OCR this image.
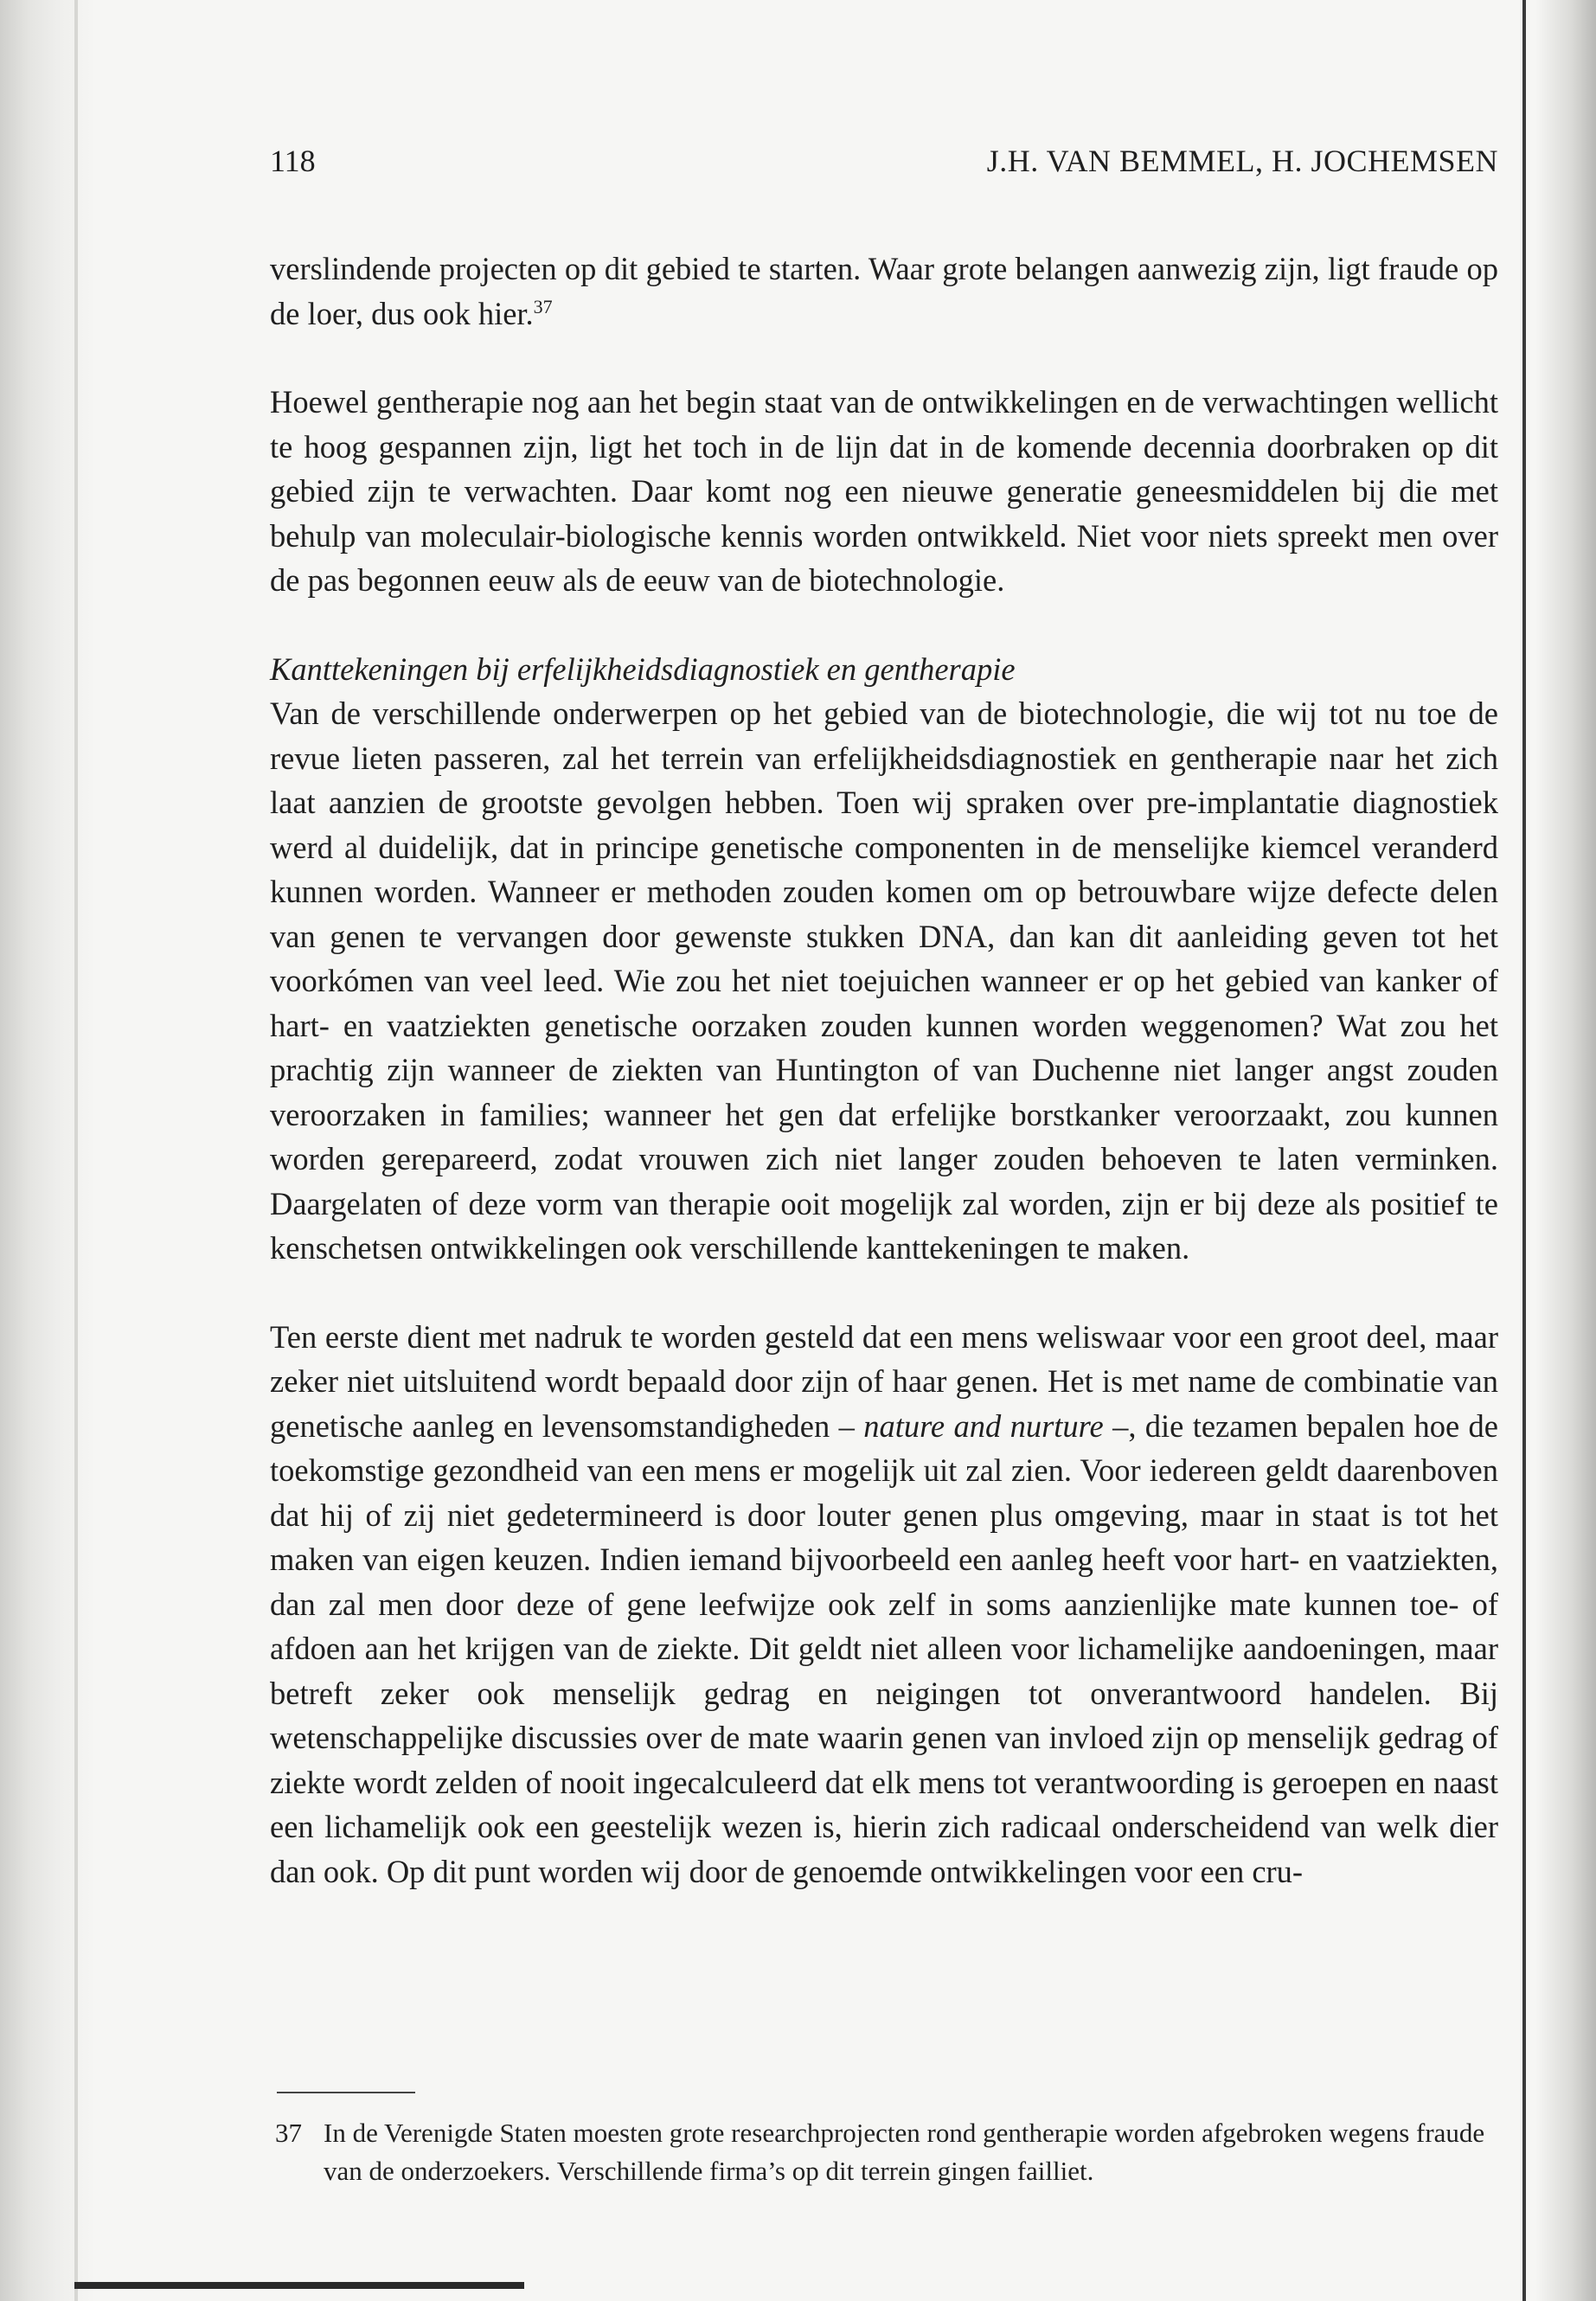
118	J.H. VAN BEMMEL, H. JOCHEMSEN

verslindende projecten op dit gebied te starten. Waar grote belangen aanwezig zijn, ligt fraude op de loer, dus ook hier.$^{37}$

Hoewel gentherapie nog aan het begin staat van de ontwikkelingen en de verwachtingen wellicht te hoog gespannen zijn, ligt het toch in de lijn dat in de komende decennia doorbraken op dit gebied zijn te verwachten. Daar komt nog een nieuwe generatie geneesmiddelen bij die met behulp van moleculair-biologische kennis worden ontwikkeld. Niet voor niets spreekt men over de pas begonnen eeuw als de eeuw van de biotechnologie.

Kanttekeningen bij erfelijkheidsdiagnostiek en gentherapie

Van de verschillende onderwerpen op het gebied van de biotechnologie, die wij tot nu toe de revue lieten passeren, zal het terrein van erfelijkheidsdiagnostiek en gentherapie naar het zich laat aanzien de grootste gevolgen hebben. Toen wij spraken over pre-implantatie diagnostiek werd al duidelijk, dat in principe genetische componenten in de menselijke kiemcel veranderd kunnen worden. Wanneer er methoden zouden komen om op betrouwbare wijze defecte delen van genen te vervangen door gewenste stukken DNA, dan kan dit aanleiding geven tot het voorkómen van veel leed. Wie zou het niet toejuichen wanneer er op het gebied van kanker of hart- en vaatziekten genetische oorzaken zouden kunnen worden weggenomen? Wat zou het prachtig zijn wanneer de ziekten van Huntington of van Duchenne niet langer angst zouden veroorzaken in families; wanneer het gen dat erfelijke borstkanker veroorzaakt, zou kunnen worden gerepareerd, zodat vrouwen zich niet langer zouden behoeven te laten verminken. Daargelaten of deze vorm van therapie ooit mogelijk zal worden, zijn er bij deze als positief te kenschetsen ontwikkelingen ook verschillende kanttekeningen te maken.

Ten eerste dient met nadruk te worden gesteld dat een mens weliswaar voor een groot deel, maar zeker niet uitsluitend wordt bepaald door zijn of haar genen. Het is met name de combinatie van genetische aanleg en levensomstandigheden – nature and nurture –, die tezamen bepalen hoe de toekomstige gezondheid van een mens er mogelijk uit zal zien. Voor iedereen geldt daarenboven dat hij of zij niet gedetermineerd is door louter genen plus omgeving, maar in staat is tot het maken van eigen keuzen. Indien iemand bijvoorbeeld een aanleg heeft voor hart- en vaatziekten, dan zal men door deze of gene leefwijze ook zelf in soms aanzienlijke mate kunnen toe- of afdoen aan het krijgen van de ziekte. Dit geldt niet alleen voor lichamelijke aandoeningen, maar betreft zeker ook menselijk gedrag en neigingen tot onverantwoord handelen. Bij wetenschappelijke discussies over de mate waarin genen van invloed zijn op menselijk gedrag of ziekte wordt zelden of nooit ingecalculeerd dat elk mens tot verantwoording is geroepen en naast een lichamelijk ook een geestelijk wezen is, hierin zich radicaal onderscheidend van welk dier dan ook. Op dit punt worden wij door de genoemde ontwikkelingen voor een cru-

37 In de Verenigde Staten moesten grote researchprojecten rond gentherapie worden afgebroken wegens fraude van de onderzoekers. Verschillende firma’s op dit terrein gingen failliet.
